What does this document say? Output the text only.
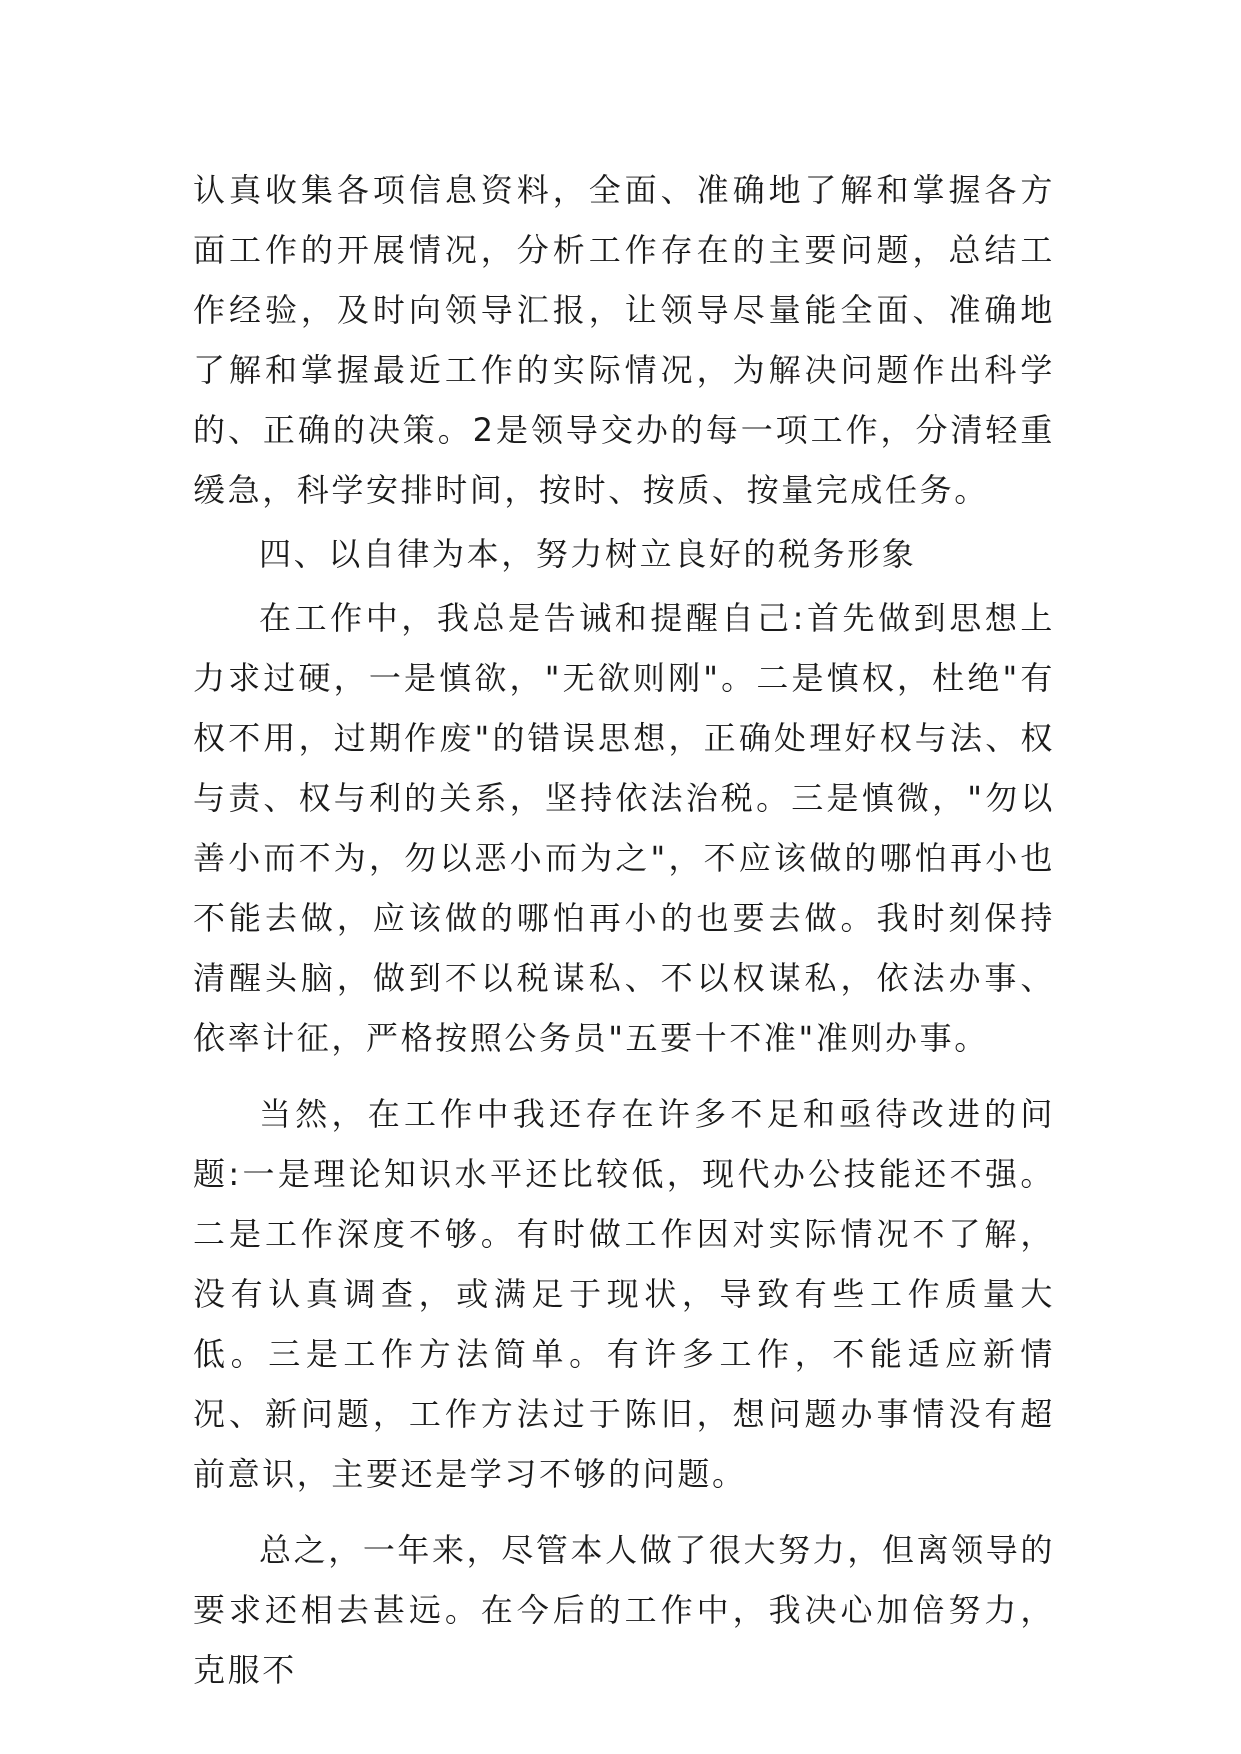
认真收集各项信息资料，全面、准确地了解和掌握各方面工作的开展情况，分析工作存在的主要问题，总结工作经验，及时向领导汇报，让领导尽量能全面、准确地了解和掌握最近工作的实际情况，为解决问题作出科学的、正确的决策。2是领导交办的每一项工作，分清轻重缓急，科学安排时间，按时、按质、按量完成任务。

四、以自律为本，努力树立良好的税务形象

在工作中，我总是告诫和提醒自己:首先做到思想上力求过硬，一是慎欲，"无欲则刚"。二是慎权，杜绝"有权不用，过期作废"的错误思想，正确处理好权与法、权与责、权与利的关系，坚持依法治税。三是慎微，"勿以善小而不为，勿以恶小而为之"，不应该做的哪怕再小也不能去做，应该做的哪怕再小的也要去做。我时刻保持清醒头脑，做到不以税谋私、不以权谋私，依法办事、依率计征，严格按照公务员"五要十不准"准则办事。

当然，在工作中我还存在许多不足和亟待改进的问题:一是理论知识水平还比较低，现代办公技能还不强。二是工作深度不够。有时做工作因对实际情况不了解，没有认真调查，或满足于现状，导致有些工作质量大低。三是工作方法简单。有许多工作，不能适应新情况、新问题，工作方法过于陈旧，想问题办事情没有超前意识，主要还是学习不够的问题。

总之，一年来，尽管本人做了很大努力，但离领导的要求还相去甚远。在今后的工作中，我决心加倍努力，克服不
